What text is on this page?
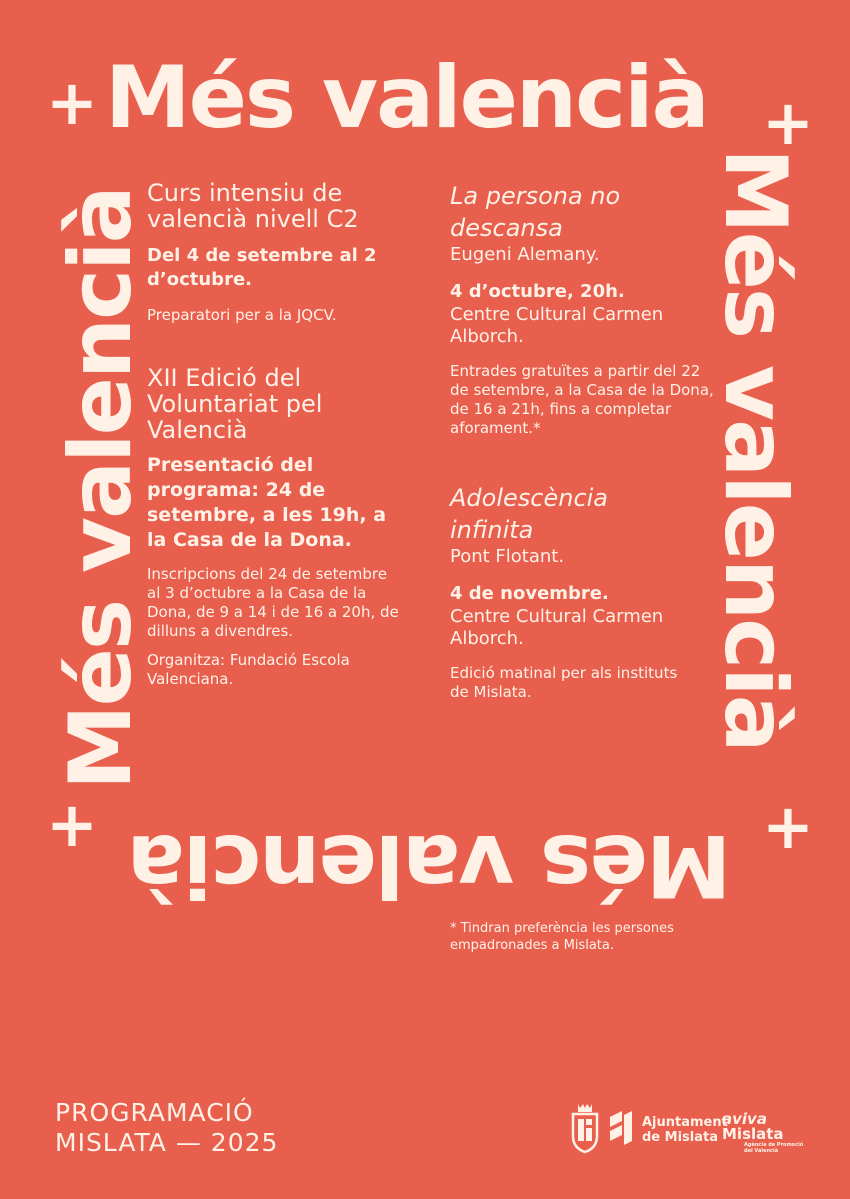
Més valencià
Més valencià
Més valencià	Més valencià
+	+
+	+

Curs intensiu de valencià nivell C2

Del 4 de setembre al 2 d’octubre.

Preparatori per a la JQCV.

XII Edició del Voluntariat pel Valencià

Presentació del programa: 24 de setembre, a les 19h, a la Casa de la Dona.

Inscripcions del 24 de setembre al 3 d’octubre a la Casa de la Dona, de 9 a 14 i de 16 a 20h, de dilluns a divendres.

Organitza: Fundació Escola Valenciana.

La persona no descansa

Eugeni Alemany.

4 d’octubre, 20h.

Centre Cultural Carmen Alborch.

Entrades gratuïtes a partir del 22 de setembre, a la Casa de la Dona, de 16 a 21h, fins a completar aforament.*

Adolescència infinita

Pont Flotant.

4 de novembre.

Centre Cultural Carmen Alborch.

Edició matinal per als instituts de Mislata.

* Tindran preferència les persones empadronades a Mislata.

PROGRAMACIÓ
MISLATA — 2025
Ajuntament
de Mislata
aviva
Mislata
Agència de Promoció del Valencià
